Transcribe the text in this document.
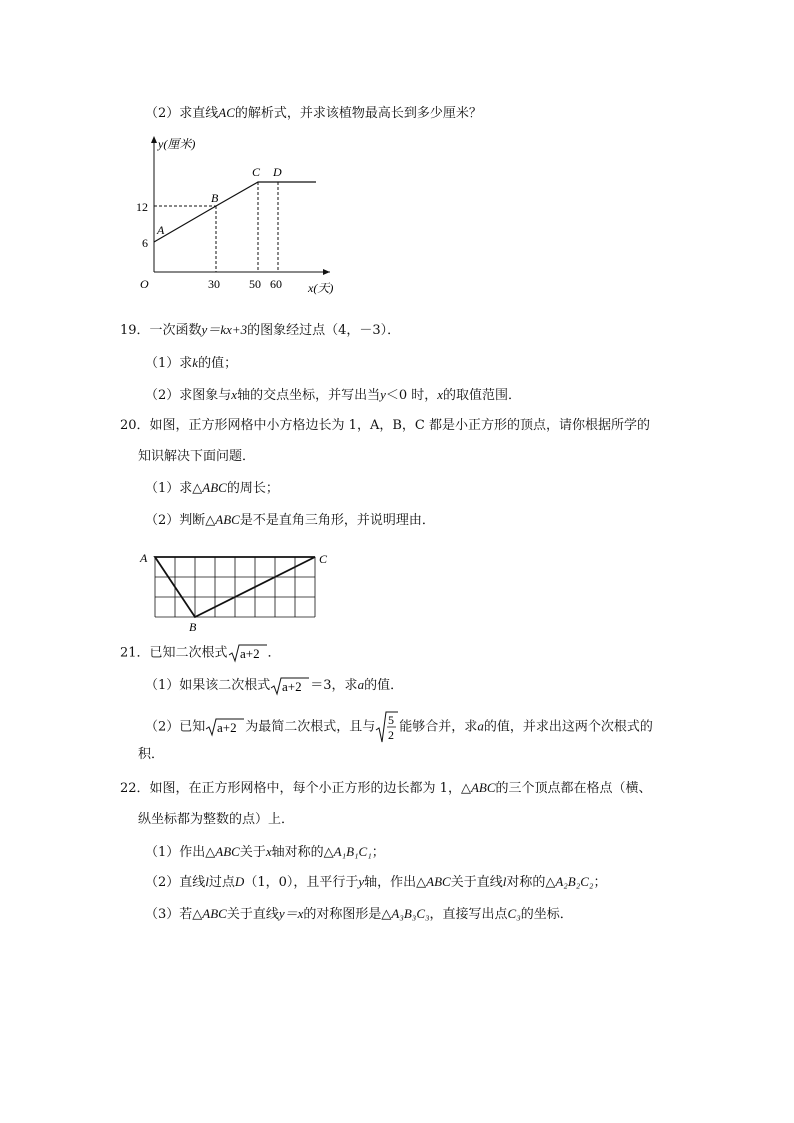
（2）求直线AC的解析式，并求该植物最高长到多少厘米？
y(厘米)
x(天)
O
12
6
30 50 60
A
B
C D
19．一次函数y＝kx+3的图象经过点（4，－3）．
（1）求k的值；
（2）求图象与x轴的交点坐标，并写出当y＜0 时，x的取值范围．
20．如图，正方形网格中小方格边长为 1，A，B，C 都是小正方形的顶点，请你根据所学的
知识解决下面问题．
（1）求△ABC的周长；
（2）判断△ABC是不是直角三角形，并说明理由．
A	C
B
21．已知二次根式 a+2 ．
（1）如果该二次根式 a+2 ＝3，求a的值．
（2）已知 a+2 为最简二次根式，且与 5
2
能够合并，求a的值，并求出这两个次根式的
积．
22．如图，在正方形网格中，每个小正方形的边长都为 1，△ABC的三个顶点都在格点（横、
纵坐标都为整数的点）上．
（1）作出△ABC关于x轴对称的△A₁B₁C₁；
（2）直线l过点D（1，0），且平行于y轴，作出△ABC关于直线l对称的△A₂B₂C₂；
（3）若△ABC关于直线y＝x的对称图形是△A₃B₃C₃，直接写出点C₃的坐标．
